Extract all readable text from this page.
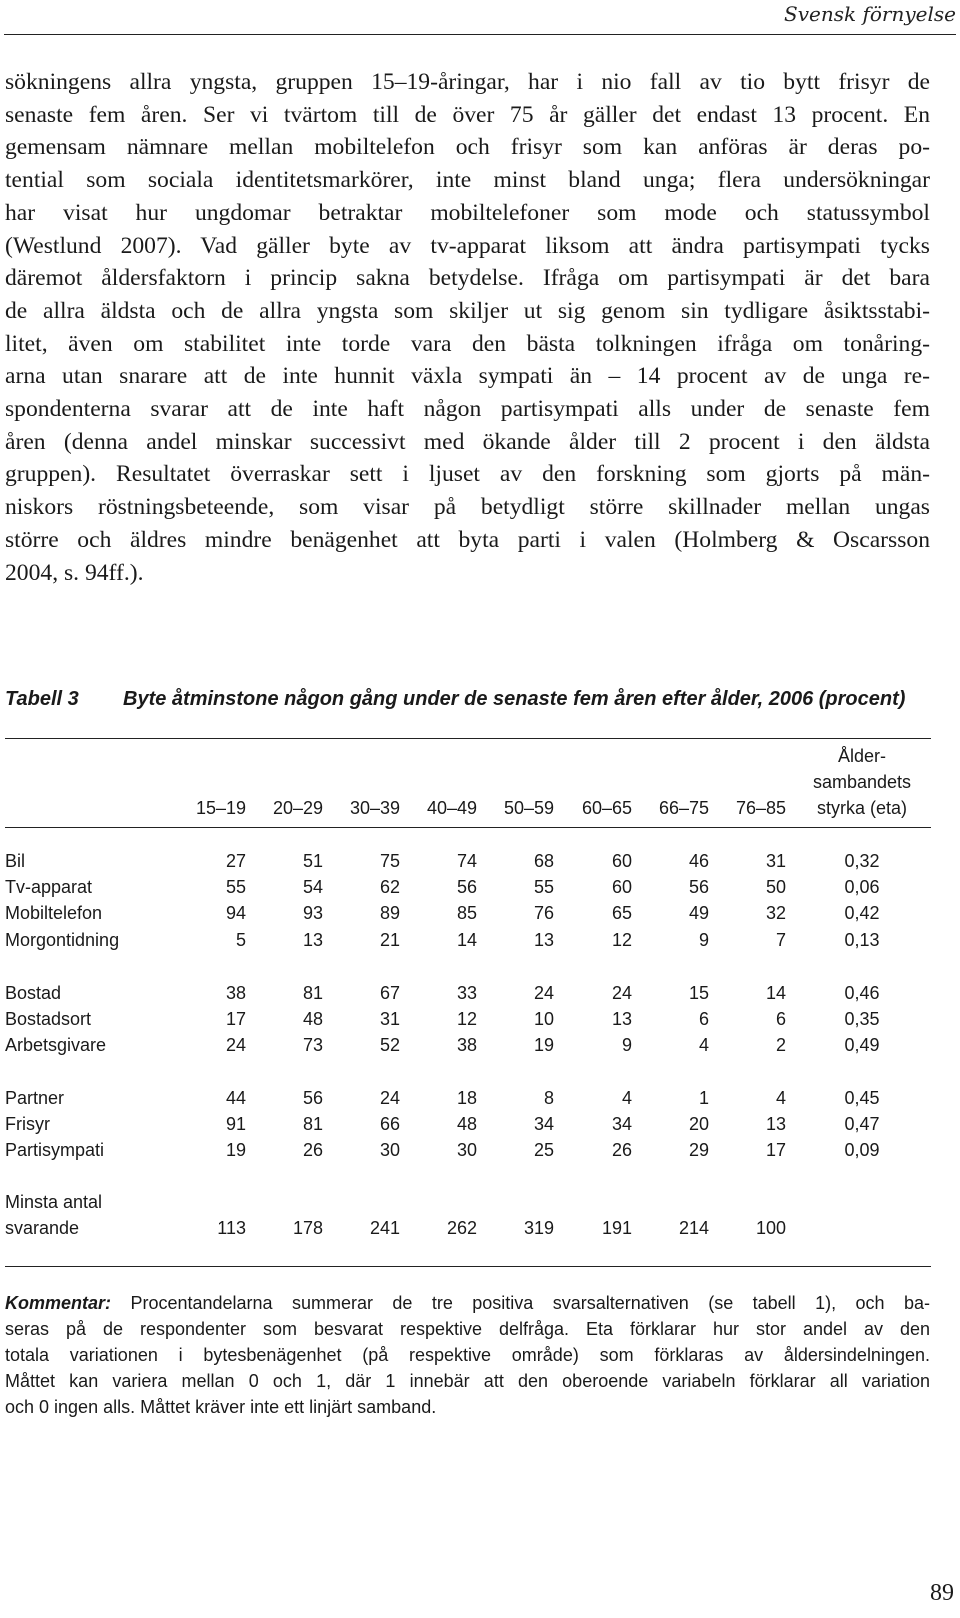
Svensk förnyelse
sökningens allra yngsta, gruppen 15–19-åringar, har i nio fall av tio bytt frisyr de
senaste fem åren. Ser vi tvärtom till de över 75 år gäller det endast 13 procent. En
gemensam nämnare mellan mobiltelefon och frisyr som kan anföras är deras po-
tential som sociala identitetsmarkörer, inte minst bland unga; flera undersökningar
har visat hur ungdomar betraktar mobiltelefoner som mode och statussymbol
(Westlund 2007). Vad gäller byte av tv-apparat liksom att ändra partisympati tycks
däremot åldersfaktorn i princip sakna betydelse. Ifråga om partisympati är det bara
de allra äldsta och de allra yngsta som skiljer ut sig genom sin tydligare åsiktsstabi-
litet, även om stabilitet inte torde vara den bästa tolkningen ifråga om tonåring-
arna utan snarare att de inte hunnit växla sympati än – 14 procent av de unga re-
spondenterna svarar att de inte haft någon partisympati alls under de senaste fem
åren (denna andel minskar successivt med ökande ålder till 2 procent i den äldsta
gruppen). Resultatet överraskar sett i ljuset av den forskning som gjorts på män-
niskors röstningsbeteende, som visar på betydligt större skillnader mellan ungas
större och äldres mindre benägenhet att byta parti i valen (Holmberg & Oscarsson
2004, s. 94ff.).
Tabell 3 Byte åtminstone någon gång under de senaste fem åren efter ålder, 2006 (procent)
15–19	20–29	30–39	40–49	50–59	60–65	66–75	76–85
Ålder-
sambandets
styrka (eta)
Bil	27	51	75	74	68	60	46	31	0,32
Tv-apparat	55	54	62	56	55	60	56	50	0,06
Mobiltelefon	94	93	89	85	76	65	49	32	0,42
Morgontidning	5	13	21	14	13	12	9	7	0,13
Bostad	38	81	67	33	24	24	15	14	0,46
Bostadsort	17	48	31	12	10	13	6	6	0,35
Arbetsgivare	24	73	52	38	19	9	4	2	0,49
Partner	44	56	24	18	8	4	1	4	0,45
Frisyr	91	81	66	48	34	34	20	13	0,47
Partisympati	19	26	30	30	25	26	29	17	0,09
Minsta antal
svarande	113	178	241	262	319	191	214	100
Kommentar: Procentandelarna summerar de tre positiva svarsalternativen (se tabell 1), och ba-
seras på de respondenter som besvarat respektive delfråga. Eta förklarar hur stor andel av den
totala variationen i bytesbenägenhet (på respektive område) som förklaras av åldersindelningen.
Måttet kan variera mellan 0 och 1, där 1 innebär att den oberoende variabeln förklarar all variation
och 0 ingen alls. Måttet kräver inte ett linjärt samband.
89
